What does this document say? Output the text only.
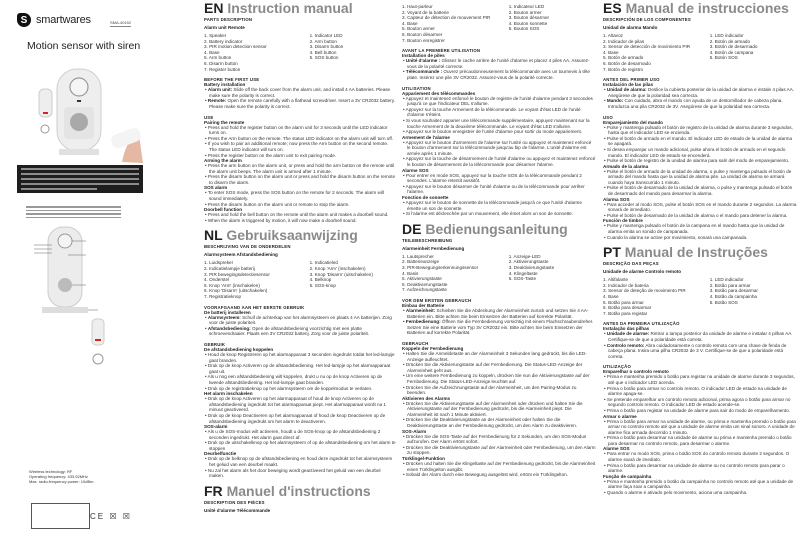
S smartwares	SMA-40152
Motion sensor with siren
Wireless technology: RF
Operating frequency: 433.92MHz
Max. radio-frequency power: 10dBm
CE ☒ ☒
EN Instruction manual
PARTS DESCRIPTION
Alarm unit Remote
1. Speaker
2. Battery indicator
3. PIR motion detection sensor
4. Base
5. Arm button
6. Disarm button
7. Register button
1. Indicator LED
2. Arm button
3. Disarm button
4. Bell button
5. SOS button
BEFORE THE FIRST USE
Battery installation
• Alarm unit: Slide off the back cover from the alarm unit, and install 4 AA batteries. Please make sure the polarity is correct.
• Remote: Open the remote carefully with a flathead screwdriver. Insert a 3V CR2032 battery. Please make sure the polarity is correct.
USE
Pairing the remote
• Press and hold the register button on the alarm unit for 3 seconds until the LED indicator turns on.
• Press the Arm button on the remote. The status LED indicator on the alarm unit will turn off.
• If you wish to pair an additional remote; now press the Arm button on the second remote. The status LED indicator will turn on.
• Press the register button on the alarm unit to exit pairing mode.
Arming the alarm
• Press the arm button on the alarm unit, or press and hold the arm button on the remote until the alarm unit beeps. The alarm unit is armed after 1 minute.
• Press the disarm button on the alarm unit or press and hold the disarm button on the remote to disarm the alarm.
SOS alarm
• To enter SOS mode, press the SOS button on the remote for 2 seconds. The alarm will sound immediately.
• Press the disarm button on the alarm unit or remote to stop the alarm.
Doorbell function
• Press and hold the bell button on the remote until the alarm unit makes a doorbell sound.
• When the alarm is triggered by motion, it will now make a doorbell sound.
NL Gebruiksaanwijzing
BESCHRIJVING VAN DE ONDERDELEN
Alarmsysteem Afstandsbediening
1. Luidspreker
2. Indicatielampje batterij
3. PIR bewegingsdetectiesensor
4. Onderstel
5. Knop 'Arm' (inschakelen)
6. Knop 'Disarm' (uitschakelen)
7. Registratieknop
1. Indicatieled
2. Knop 'Arm' (inschakelen)
3. Knop 'Disarm' (uitschakelen)
4. Belknop
5. SOS-knop
VOORAFGAAND AAN HET EERSTE GEBRUIK
De batterij installeren
• Alarmsysteem: Schuif de achterkap van het alarmsysteem en plaats 4 AA batterijen. Zorg voor de juiste polariteit.
• Afstandsbediening: Open de afstandsbediening voorzichtig met een platte schroevendraaier. Plaats een 3V CR2032 batterij. Zorg voor de juiste polariteit.
GEBRUIK
De afstandsbediening koppelen
• Houd de knop Registreren op het alarmapparaat 3 seconden ingedrukt totdat het led-lampje gaat branden.
• Druk op de knop Activeren op de afstandsbediening. Het led-lampje op het alarmapparaat gaat uit.
• Als u nog een afstandsbediening wilt koppelen, drukt u nu op de knop Activeren op de tweede afstandsbediening. Het led-lampje gaat branden.
• Druk op de registratieknop op het alarmsysteem om de koppelmodus te verlaten.
Het alarm inschakelen
• Druk op de knop Activeren op het alarmapparaat of houd de knop Activeren op de afstandsbediening ingedrukt tot het alarmapparaat piept. Het alarmapparaat wordt na 1 minuut geactiveerd.
• Druk op de knop Deactiveren op het alarmapparaat of houd de knop Deactiveren op de afstandsbediening ingedrukt om het alarm te deactiveren.
SOS-alarm
• Als u de SOS-modus wilt activeren, houdt u de SOS-knop op de afstandsbediening 2 seconden ingedrukt. Het alarm gaat direct af.
• Druk op de uitschakelknop op het alarmsysteem of op de afstandsbediening om het alarm te stoppen
Deurbelfunctie
• Druk op de belknop op de afstandsbediening en houd deze ingedrukt tot het alarmsysteem het geluid van een deurbel maakt.
• Nu zal het alarm als het door beweging wordt geactiveerd het geluid van een deurbel maken.
FR Manuel d'instructions
DESCRIPTION DES PIÈCES
Unité d'alarme Télécommande
1. Haut-parleur
2. Voyant de la batterie
3. Capteur de détection de mouvement PIR
4. Base
5. Bouton armer
6. Bouton désarmer
7. Bouton enregistrer
1. Indicateur LED
2. Bouton armer
3. Bouton désarmer
4. Bouton sonnette
5. Bouton SOS
AVANT LA PREMIÈRE UTILISATION
Installation de piles
• Unité d'alarme : Glissez le cache arrière de l'unité d'alarme et placez 4 piles AA. Assurez-vous de la polarité correcte.
• Télécommande : Ouvrez précautionneusement la télécommande avec un tournevis à tête plate. Insérez une pile 3V CR2032. Assurez-vous de la polarité correcte.
UTILISATION
Appariement des télécommandes
• Appuyez et maintenez enfoncé le bouton de registre de l'unité d'alarme pendant 3 secondes jusqu'à ce que l'indicateur DEL s'allume.
• Appuyez sur la touche Armement de la télécommande. Le voyant d'état LED de l'unité d'alarme s'éteint.
• Si vous souhaitez apparier une télécommande supplémentaire, appuyez maintenant sur la touche Armement de la deuxième télécommande. Le voyant d'état LED s'allume.
• Appuyez sur le bouton enregistrer de l'unité d'alarme pour sortir du mode appariement.
Armement de l'alarme
• Appuyez sur le bouton d'armement de l'alarme sur l'unité ou appuyez et maintenez enfoncé le bouton d'armement sur la télécommande jusqu'au bip de l'alarme. L'unité d'alarme est armée après 1 minute.
• Appuyez sur la touche de désarmement de l'unité d'alarme ou appuyez et maintenez enfoncé le bouton de désarmement de la télécommande pour désarmer l'alarme.
Alarme SOS
• Pour entrer en mode SOS, appuyez sur la touche SOS de la télécommande pendant 2 secondes. L'alarme retentit aussitôt.
• Appuyez sur le bouton désarmer de l'unité d'alarme ou de la télécommande pour arrêter l'alarme.
Fonction de sonnette
• Appuyez sur le bouton de sonnette de la télécommande jusqu'à ce que l'unité d'alarme émette un son de sonnette.
• Si l'alarme est déclenchée par un mouvement, elle émet alors un son de sonnette.
DE Bedienungsanleitung
TEILEBESCHREIBUNG
Alarmeinheit Fernbedienung
1. Lautsprecher
2. Batterieanzeige
3. PIR-Bewegungserkennungssensor
4. Basis
5. Aktivierungstaste
6. Deaktivierungstaste
7. Aufzeichnungstaste
1. Anzeige-LED
2. Aktivierungstaste
3. Deaktivierungstaste
4. Klingeltaste
5. SOS-Taste
VOR DEM ERSTEN GEBRAUCH
Einbau der Batterie
• Alarmeinheit: Schieben Sie die Abdeckung der Alarmeinheit zurück und setzen Sie 4 AA-Batterien ein. Bitte achten Sie beim Einsetzen der Batterien auf korrekte Polarität.
• Fernbedienung: Öffnen Sie die Fernbedienung vorsichtig mit einem Flachschraubendreher. Setzen Sie eine Batterie vom Typ 3V CR2032 ein. Bitte achten Sie beim Einsetzen der Batterien auf korrekte Polarität.
GEBRAUCH
Koppeln der Fernbedienung
• Halten Sie die Anmeldetaste an der Alarmeinheit 3 Sekunden lang gedrückt, bis die LED-Anzeige aufleuchtet.
• Drücken Sie die Aktivierungstaste auf der Fernbedienung. Die Status-LED-Anzeige der Alarmeinheit geht aus.
• Um eine weitere Fernbedienung zu koppeln, drücken Sie nun die Aktivierungstaste auf der Fernbedienung. Die Status-LED-Anzeige leuchtet auf.
• Drücken Sie die Aufzeichnungstaste auf der Alarmeinheit, um den Pairing-Modus zu beenden.
Aktivieren des Alarms
• Drücken Sie die Aktivierungstaste auf der Alarmeinheit oder drücken und halten Sie die Aktivierungstaste auf der Fernbedienung gedrückt, bis die Alarmeinheit piept. Die Alarmeinheit ist nach 1 Minute aktiviert.
• Drücken Sie die Deaktivierungstaste an der Alarmeinheit oder halten Sie die Deaktivierungstaste an der Fernbedienung gedrückt, um den Alarm zu deaktivieren.
SOS-Alarm
• Drücken Sie die SOS-Taste auf der Fernbedienung für 2 Sekunden, um den SOS-Modus aufzurufen. Der Alarm ertönt sofort.
• Drücken Sie die Deaktivierungstaste auf der Alarmeinheit oder Fernbedienung, um den Alarm zu stoppen.
Türklingel-Funktion
• Drücken und halten Sie die Klingeltaste auf der Fernbedienung gedrückt, bis die Alarmeinheit einen Türklingelton ausgibt.
• Sobald der Alarm durch eine Bewegung ausgelöst wird, ertönt ein Türklingelton.
ES Manual de instrucciones
DESCRIPCIÓN DE LOS COMPONENTES
Unidad de alarma Mando
1. Altavoz
2. Indicador de pilas
3. Sensor de detección de movimiento PIR
4. Base
5. Botón de armado
6. Botón de desarmado
7. Botón de registro
1. LED indicador
2. Botón de armado
3. Botón de desarmado
4. Botón de campana
5. Botón SOS
ANTES DEL PRIMER USO
Instalación de las pilas
• Unidad de alarma: Deslice la cubierta posterior de la unidad de alarma e instale 4 pilas AA. Asegúrese de que la polaridad sea correcta.
• Mando: Con cuidado, abra el mando con ayuda de un destornillador de cabeza plana. Introduzca una pila CR2032 de 3V. Asegúrese de que la polaridad sea correcta.
USO
Emparejamiento del mando
• Pulse y mantenga pulsado el botón de registro de la unidad de alarma durante 3 segundos, hasta que el indicador LED se encienda.
• Pulse el botón de armado en el mando. El indicador LED de estado de la unidad de alarma se apagará.
• Si desea emparejar un mando adicional, pulse ahora el botón de armado en el segundo mando. El indicador LED de estado se encenderá.
• Pulse el botón de registro de la unidad de alarma para salir del modo de emparejamiento.
Armado de la alarma
• Pulse el botón de armado de la unidad de alarma, o pulse y mantenga pulsado el botón de armado del mando hasta que la unidad de alarma pite. La unidad de alarma se armará cuando haya transcurrido 1 minuto.
• Pulse el botón de desarmado de la unidad de alarma, o pulse y mantenga pulsado el botón de desarmado del mando para desarmar la alarma.
Alarma SOS
• Para acceder al modo SOS, pulse el botón SOS en el mando durante 2 segundos. La alarma sonará de inmediato.
• Pulse el botón de desarmado de la unidad de alarma o el mando para detener la alarma.
Función de timbre
• Pulse y mantenga pulsado el botón de la campana en el mando hasta que la unidad de alarma emita un sonido de campanada.
• Cuando la alarma se active por movimiento, sonará una campanada.
PT Manual de Instruções
DESCRIÇÃO DAS PEÇAS
Unidade de alarme Controlo remoto
1. Altifalante
2. Indicador de bateria
3. Sensor de deteção de movimento PIR
4. Base
5. Botão para armar
6. Botão para desarmar
7. Botão para registar
1. LED indicador
2. Botão para armar
3. Botão para desarmar
4. Botão da campainha
5. Botão SOS
ANTES DA PRIMEIRA UTILIZAÇÃO
Instalação das pilhas
• Unidade de alarme: Retirar a tampa posterior da unidade de alarme e instalar 4 pilhas AA. Certifique-se de que a polaridade está correta.
• Controlo remoto: Abra cuidadosamente o controlo remoto com uma chave de fenda de cabeça plana. Insira uma pilha CR2032 de 3 V. Certifique-se de que a polaridade está correta.
UTILIZAÇÃO
Emparelhar o controlo remoto
• Prima e mantenha premido o botão para registar na unidade de alarme durante 3 segundos, até que o indicador LED acenda.
• Prima o botão para armar no controlo remoto. O indicador LED de estado na unidade de alarme apaga-se.
• Se pretende emparelhar um controlo remoto adicional, prima agora o botão para armar no segundo controlo remoto. O indicador LED de estado acende-se.
• Prima o botão para registar na unidade de alarme para sair do modo de emparelhamento.
Armar o alarme
• Prima o botão para armar na unidade de alarme, ou prima e mantenha premido o botão para armar no controlo remoto até que a unidade de alarme emita um sinal sonoro. A unidade de alarme fica armada decorrido 1 minuto.
• Prima o botão para desarmar na unidade de alarme ou prima e mantenha premido o botão para desarmar no controlo remoto, para desarmar o alarme.
Alarme SOS
• Para entrar no modo SOS, prima o botão SOS do controlo remoto durante 2 segundos. O alarme soará de imediato.
• Prima o botão para desarmar na unidade de alarme ou no controlo remoto para parar o alarme.
Função de campainha
• Prima e mantenha premido o botão da campainha no controlo remoto até que a unidade de alarme faça soar a campainha.
• Quando o alarme é ativado pelo movimento, aciona uma campainha.
